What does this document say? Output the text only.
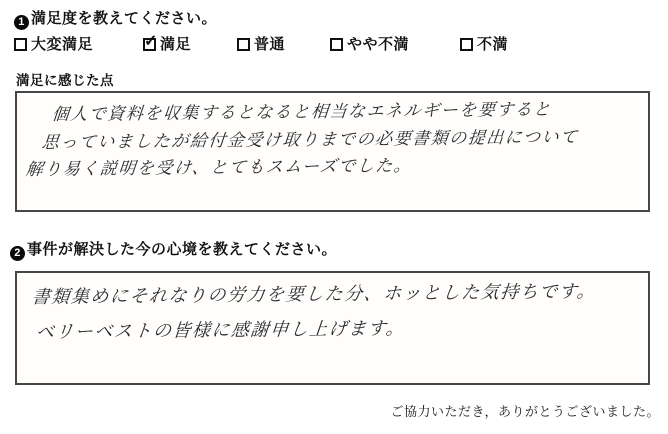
1 満足度を教えてください。
大変満足	✓ 満足	普通	やや不満	不満
満足に感じた点
個人で資料を収集するとなると相当なエネルギーを要すると
思っていましたが給付金受け取りまでの必要書類の提出について
解り易く説明を受け、とてもスムーズでした。
2 事件が解決した今の心境を教えてください。
書類集めにそれなりの労力を要した分、ホッとした気持ちです。
ベリーベストの皆様に感謝申し上げます。
ご協力いただき，ありがとうございました。
